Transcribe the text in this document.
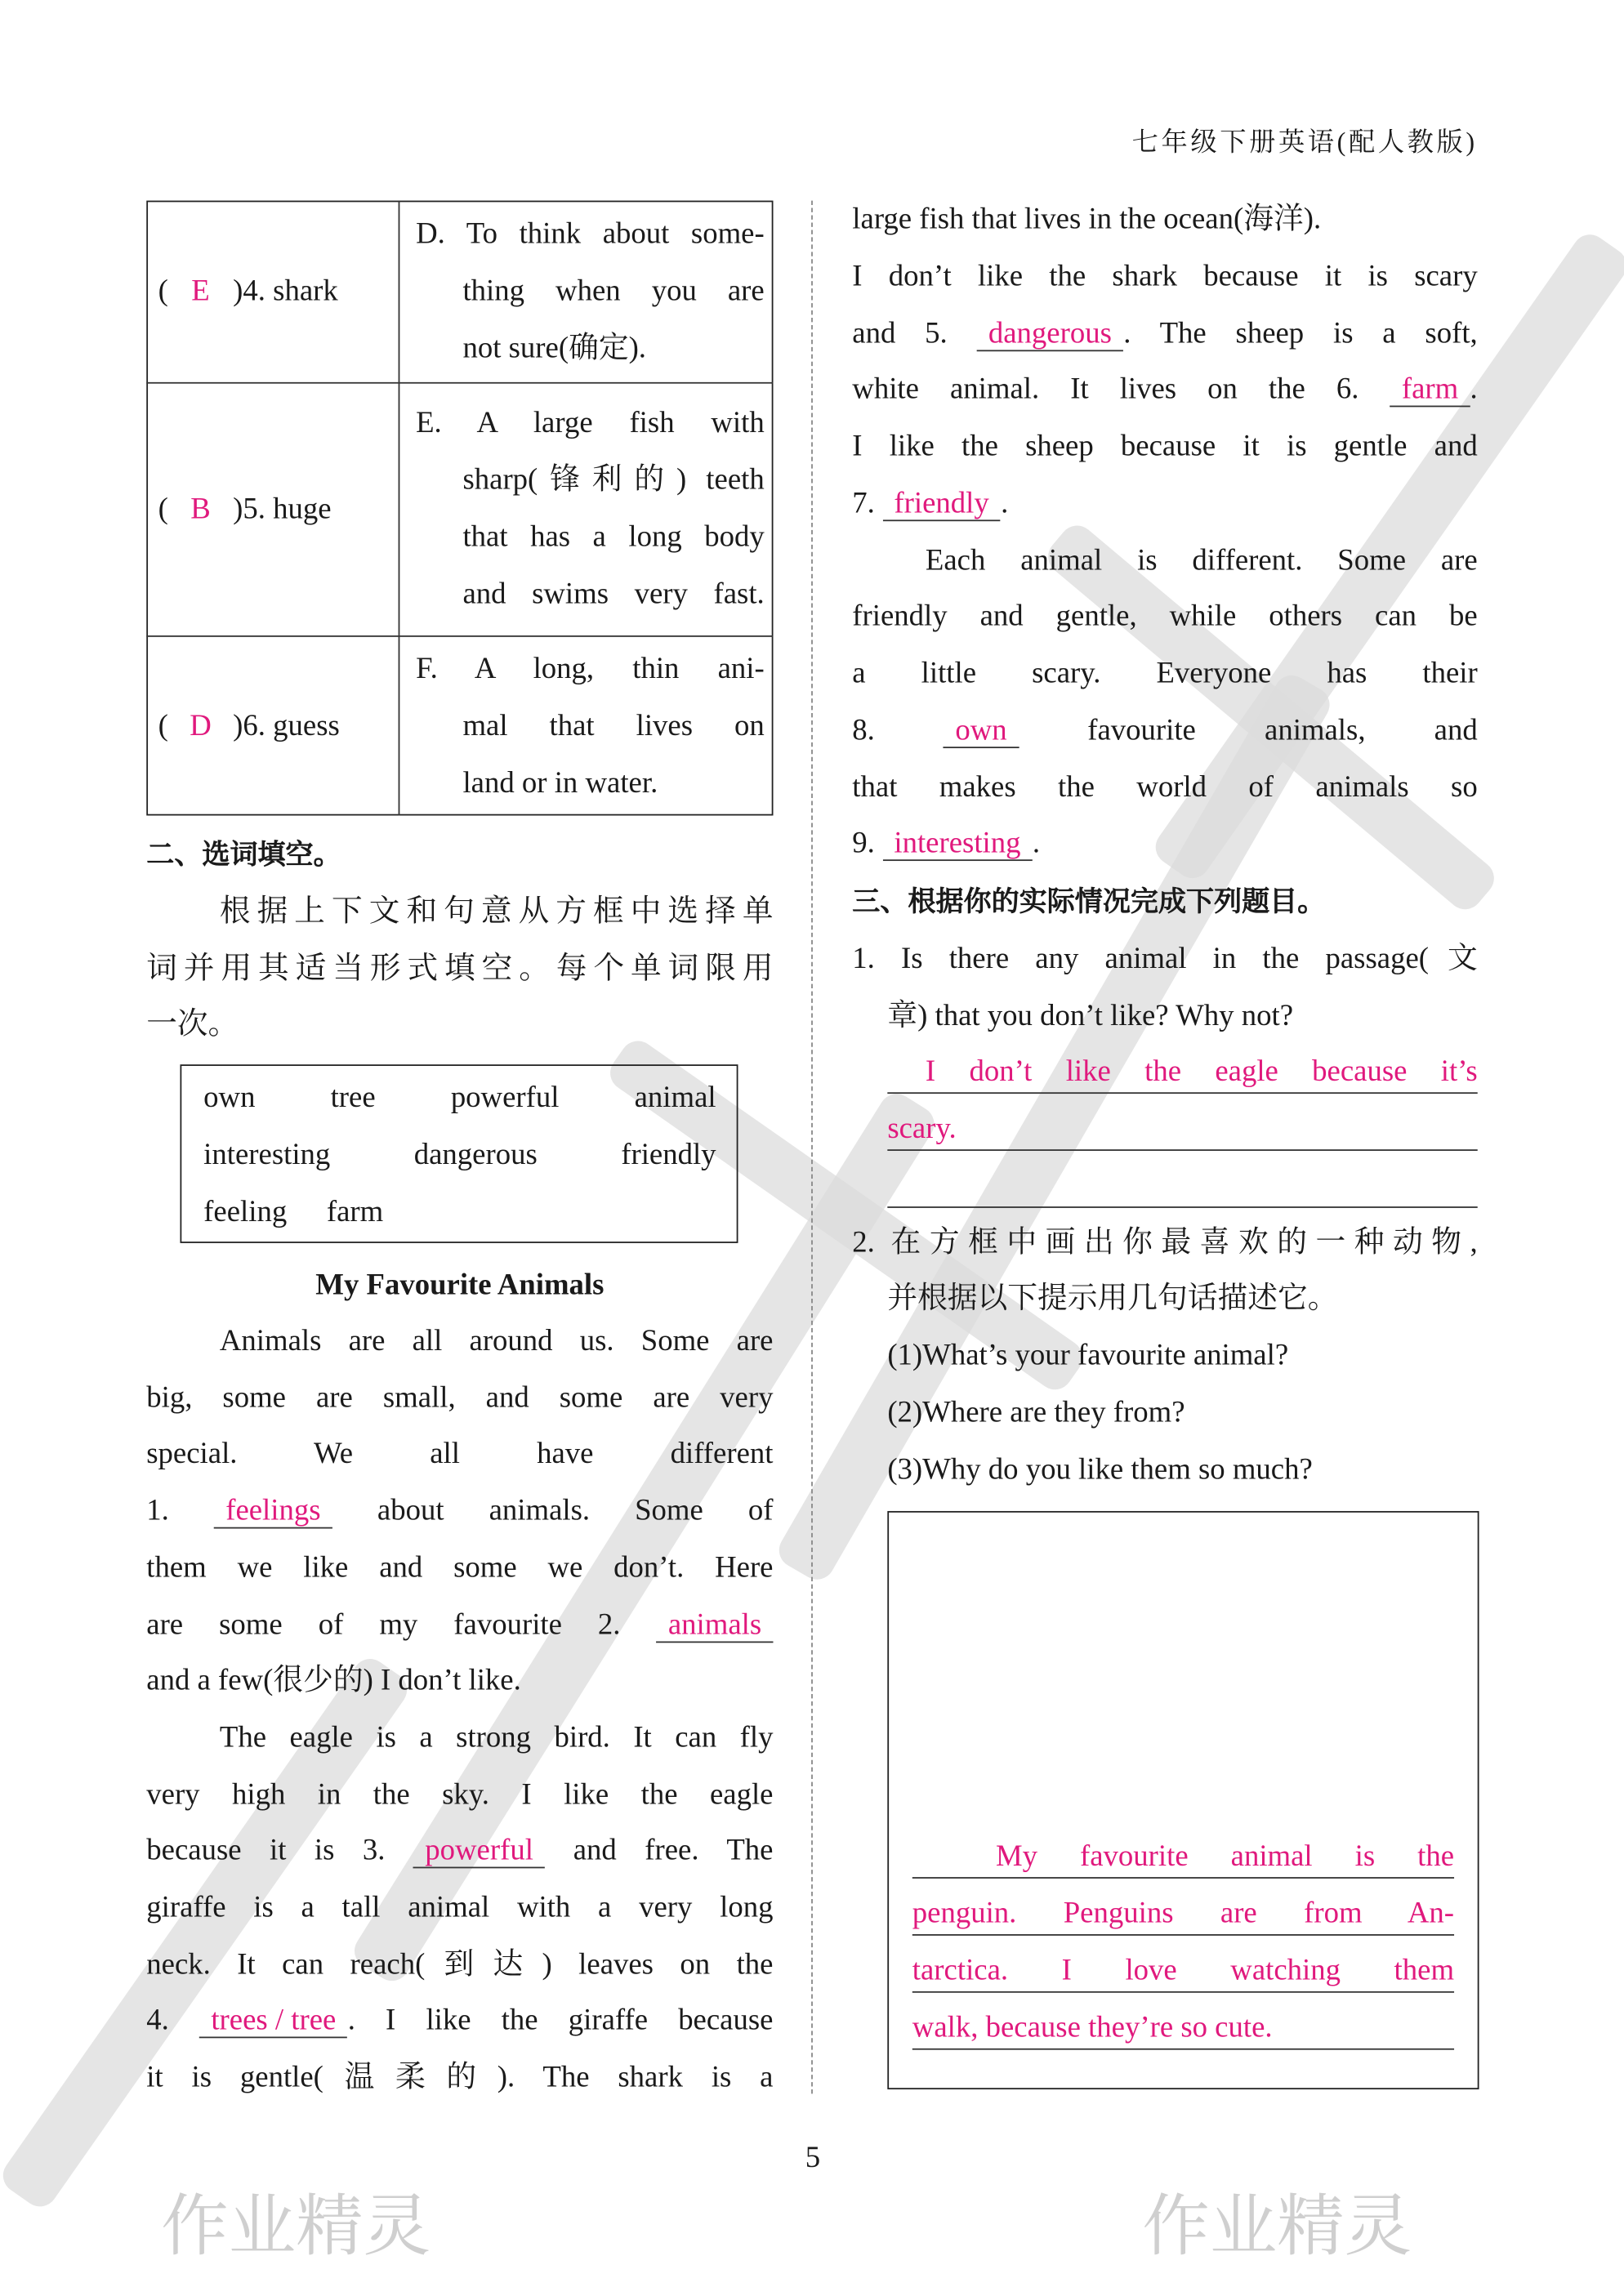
作业精灵	作业精灵
七年级下册英语(配人教版)
( E )4. shark
D. To think about some-
thing when you are
not sure(确定).
( B )5. huge
E. A large fish with
sharp(锋利的) teeth
that has a long body
and swims very fast.
( D )6. guess
F. A long, thin ani-
mal that lives on
land or in water.
二、选词填空。
根据上下文和句意从方框中选择单
词并用其适当形式填空。每个单词限用
一次。
own	tree	powerful	animal
interesting	dangerous	friendly
feeling farm
My Favourite Animals
Animals are all around us. Some are
big, some are small, and some are very
special. We all have different
1. feelings about animals. Some of
them we like and some we don’t. Here
are some of my favourite 2. animals
and a few(很少的) I don’t like.
The eagle is a strong bird. It can fly
very high in the sky. I like the eagle
because it is 3. powerful and free. The
giraffe is a tall animal with a very long
neck. It can reach(到达) leaves on the
4. trees / tree . I like the giraffe because
it is gentle(温柔的). The shark is a
large fish that lives in the ocean(海洋).
I don’t like the shark because it is scary
and 5. dangerous . The sheep is a soft,
white animal. It lives on the 6. farm .
I like the sheep because it is gentle and
7. friendly .
Each animal is different. Some are
friendly and gentle, while others can be
a little scary. Everyone has their
8. own favourite animals, and
that makes the world of animals so
9. interesting .
三、根据你的实际情况完成下列题目。
1. Is there any animal in the passage(文
章) that you don’t like? Why not?
I don’t like the eagle because it’s
scary.
2. 在方框中画出你最喜欢的一种动物,
并根据以下提示用几句话描述它。
(1)What’s your favourite animal?
(2)Where are they from?
(3)Why do you like them so much?
My favourite animal is the
penguin. Penguins are from An-
tarctica. I love watching them
walk, because they’re so cute.
5
